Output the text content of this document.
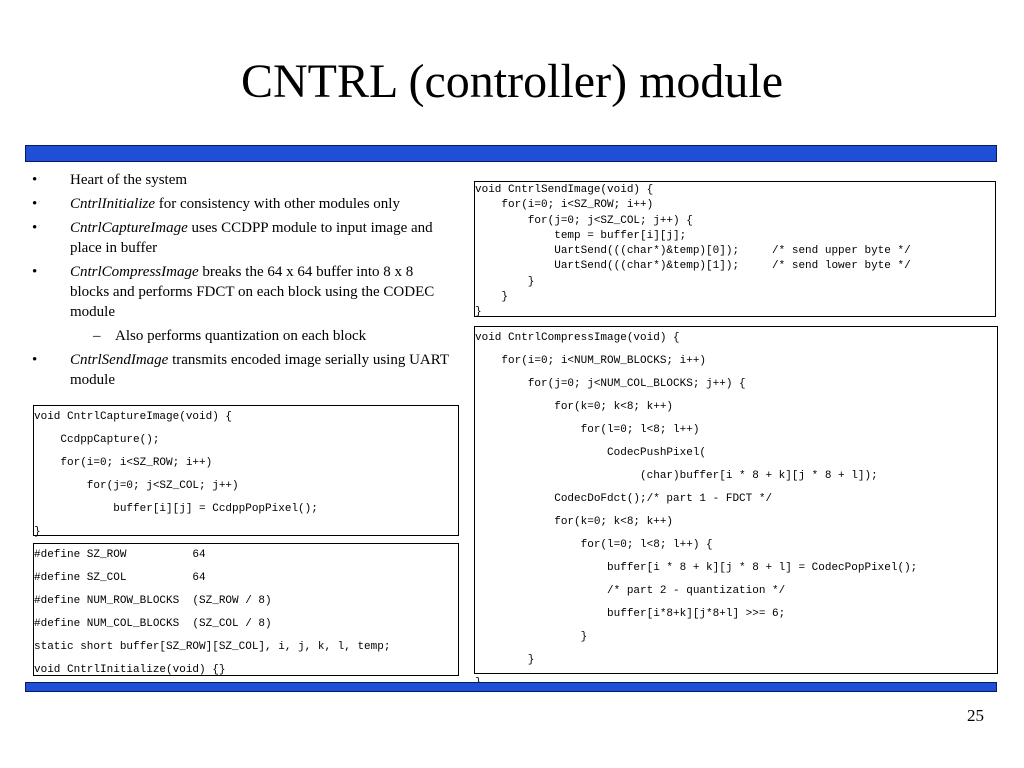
CNTRL (controller) module
• Heart of the system
• CntrlInitialize for consistency with other modules only
• CntrlCaptureImage uses CCDPP module to input image and place in buffer
• CntrlCompressImage breaks the 64 x 64 buffer into 8 x 8 blocks and performs FDCT on each block using the CODEC module
– Also performs quantization on each block
• CntrlSendImage transmits encoded image serially using UART module
void CntrlSendImage(void) {
for(i=0; i<SZ_ROW; i++)
for(j=0; j<SZ_COL; j++) {
temp = buffer[i][j];
UartSend(((char*)&temp)[0]);     /* send upper byte */
UartSend(((char*)&temp)[1]);     /* send lower byte */
}
}
}
void CntrlCompressImage(void) {
for(i=0; i<NUM_ROW_BLOCKS; i++)
for(j=0; j<NUM_COL_BLOCKS; j++) {
for(k=0; k<8; k++)
for(l=0; l<8; l++)
CodecPushPixel(
(char)buffer[i * 8 + k][j * 8 + l]);
CodecDoFdct();/* part 1 - FDCT */
for(k=0; k<8; k++)
for(l=0; l<8; l++) {
buffer[i * 8 + k][j * 8 + l] = CodecPopPixel();
/* part 2 - quantization */
buffer[i*8+k][j*8+l] >>= 6;
}
}
void CntrlCaptureImage(void) {
CcdppCapture();
for(i=0; i<SZ_ROW; i++)
for(j=0; j<SZ_COL; j++)
buffer[i][j] = CcdppPopPixel();
}
#define SZ_ROW          64
#define SZ_COL          64
#define NUM_ROW_BLOCKS  (SZ_ROW / 8)
#define NUM_COL_BLOCKS  (SZ_COL / 8)
static short buffer[SZ_ROW][SZ_COL], i, j, k, l, temp;
void CntrlInitialize(void) {}
25
